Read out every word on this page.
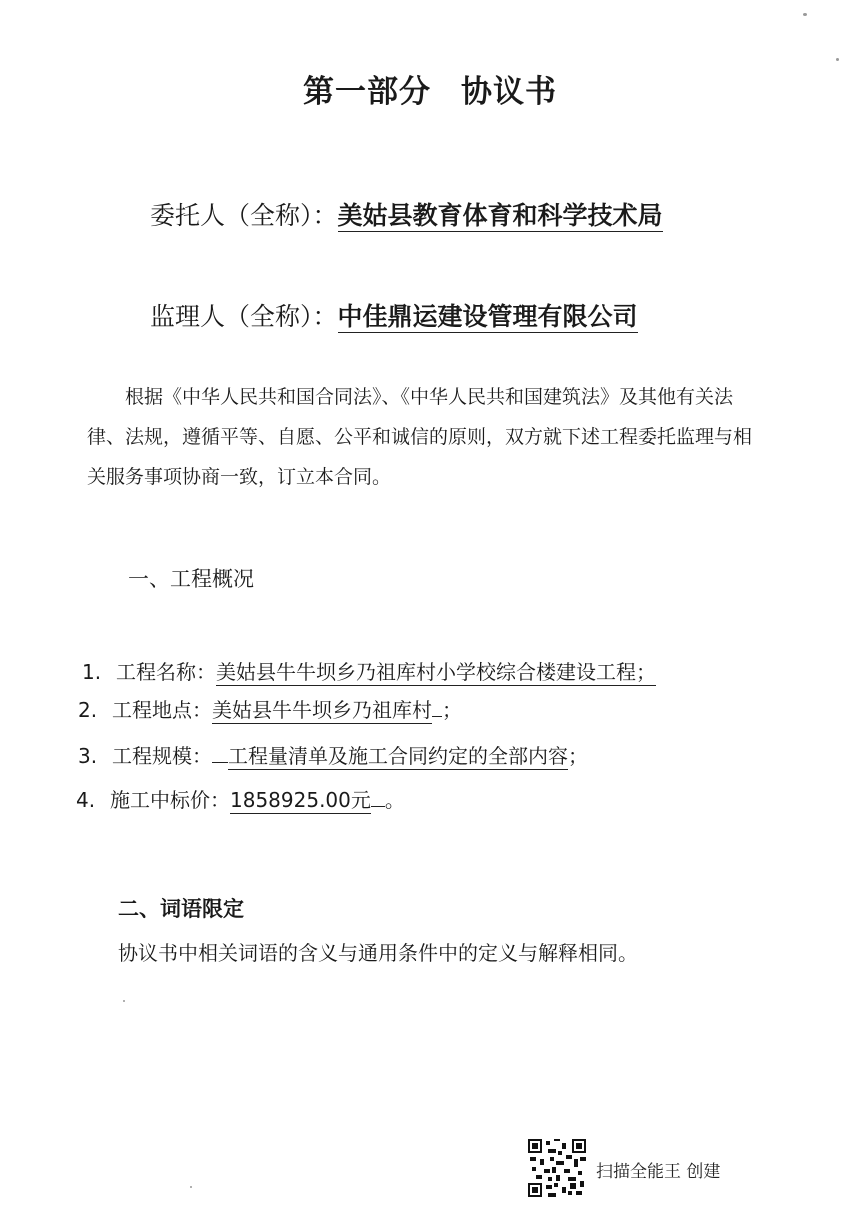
第一部分 协议书
委托人（全称）：美姑县教育体育和科学技术局
监理人（全称）：中佳鼎运建设管理有限公司
根据《中华人民共和国合同法》、《中华人民共和国建筑法》及其他有关法
律、法规，遵循平等、自愿、公平和诚信的原则，双方就下述工程委托监理与相
关服务事项协商一致，订立本合同。
一、工程概况
1. 工程名称：美姑县牛牛坝乡乃祖库村小学校综合楼建设工程；
2. 工程地点：美姑县牛牛坝乡乃祖库村 ；
3. 工程规模： 工程量清单及施工合同约定的全部内容；
4. 施工中标价：1858925.00元 。
二、词语限定
协议书中相关词语的含义与通用条件中的定义与解释相同。
扫描全能王 创建
